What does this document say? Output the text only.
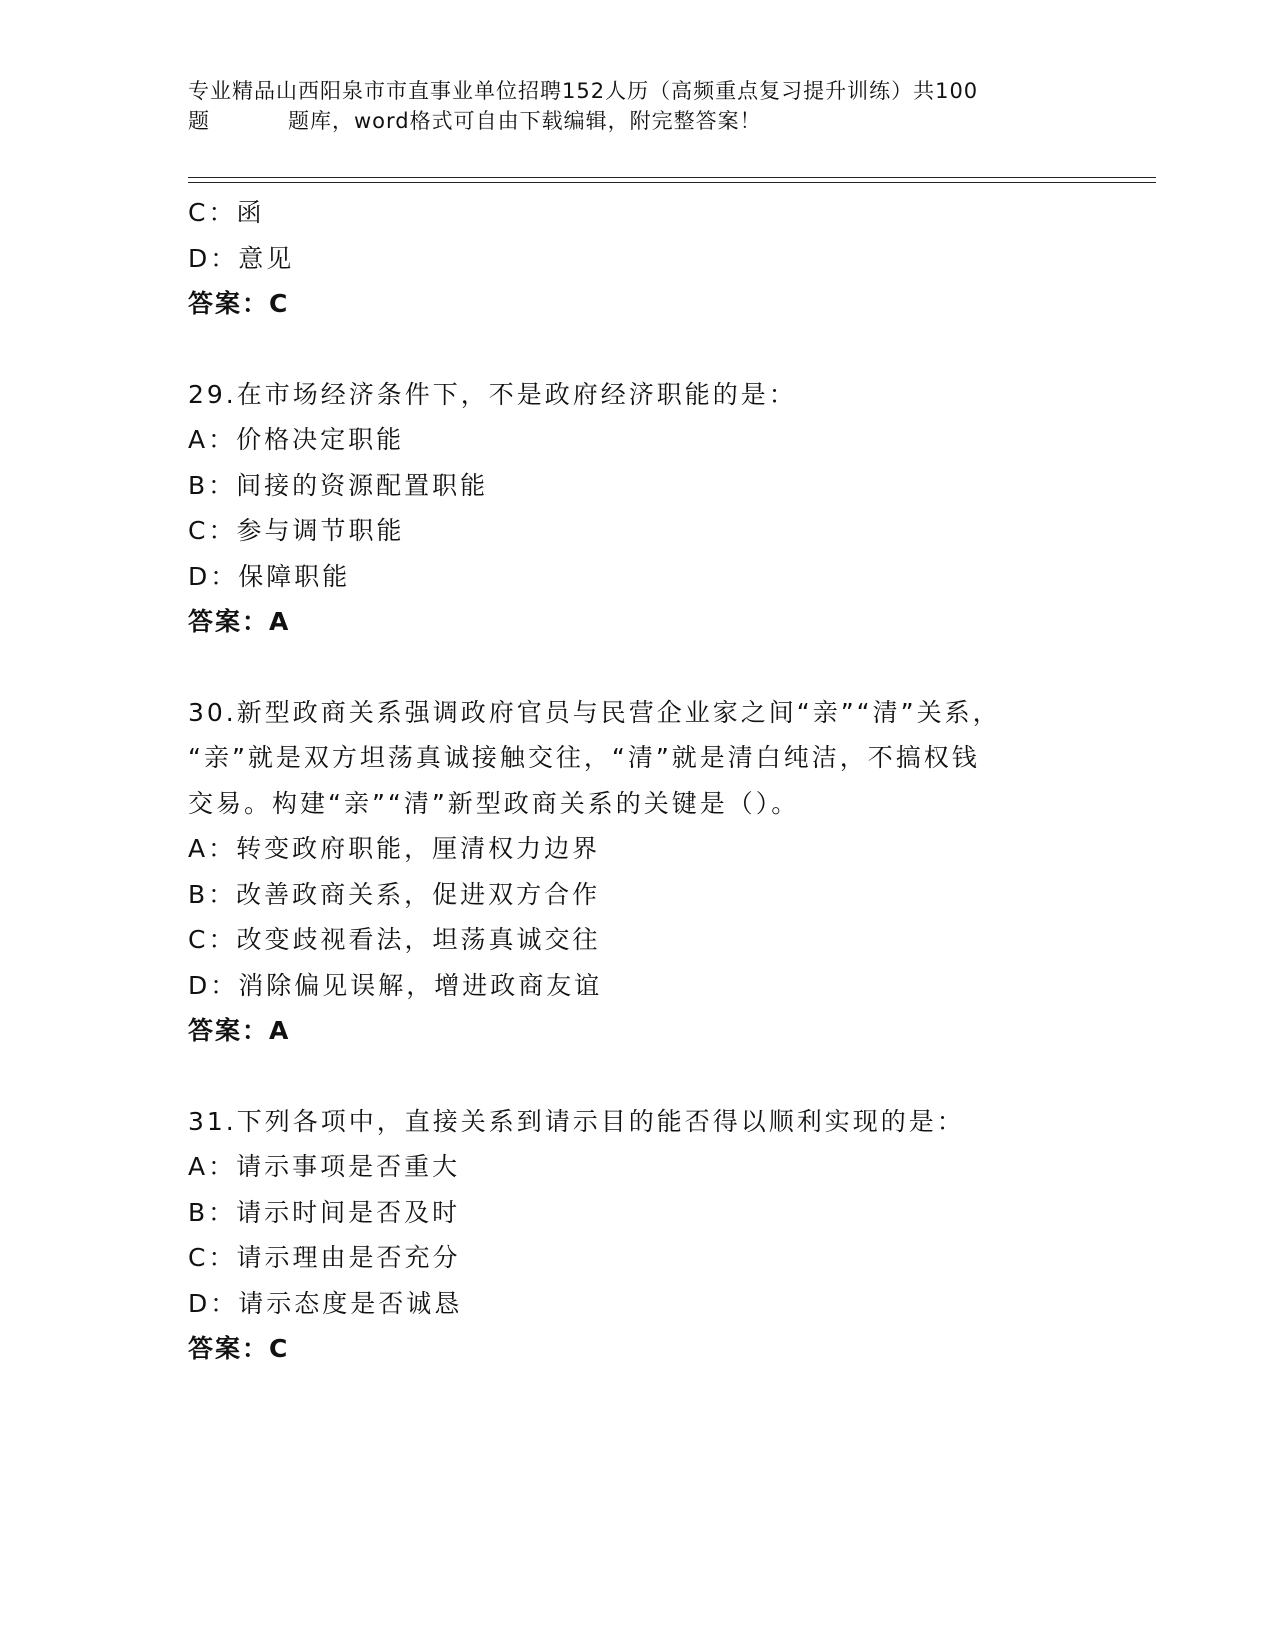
专业精品山西阳泉市市直事业单位招聘152人历（高频重点复习提升训练）共100
题	题库，word格式可自由下载编辑，附完整答案！
C：函
D：意见
答案：C
29.在市场经济条件下，不是政府经济职能的是：
A：价格决定职能
B：间接的资源配置职能
C：参与调节职能
D：保障职能
答案：A
30.新型政商关系强调政府官员与民营企业家之间“亲”“清”关系，
“亲”就是双方坦荡真诚接触交往，“清”就是清白纯洁，不搞权钱
交易。构建“亲”“清”新型政商关系的关键是（）。
A：转变政府职能，厘清权力边界
B：改善政商关系，促进双方合作
C：改变歧视看法，坦荡真诚交往
D：消除偏见误解，增进政商友谊
答案：A
31.下列各项中，直接关系到请示目的能否得以顺利实现的是：
A：请示事项是否重大
B：请示时间是否及时
C：请示理由是否充分
D：请示态度是否诚恳
答案：C
